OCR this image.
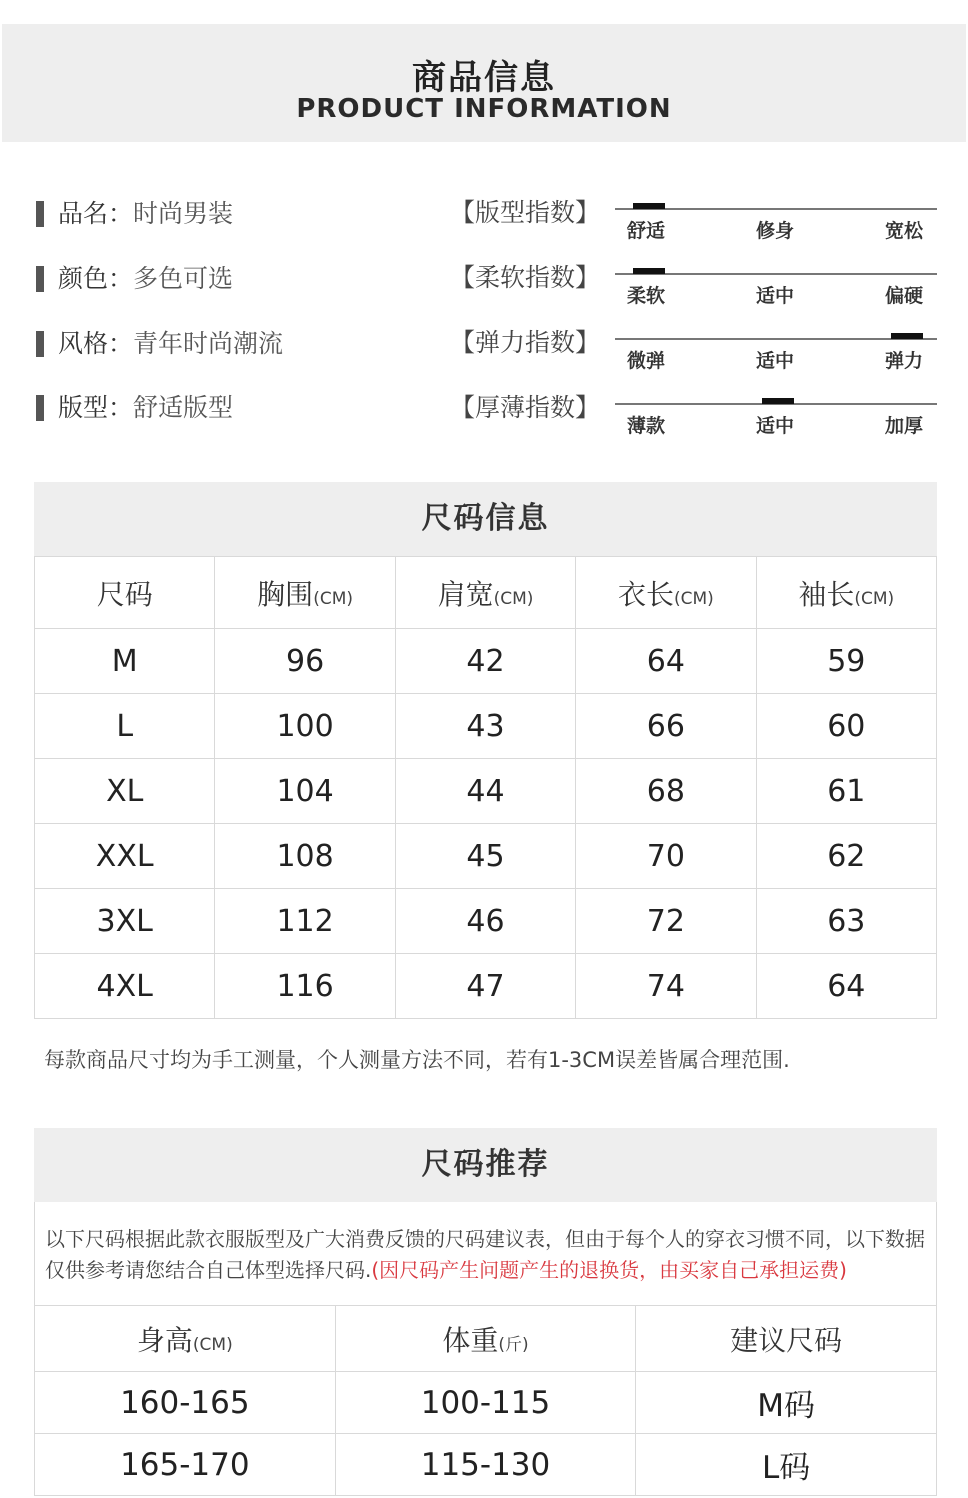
商品信息
PRODUCT INFORMATION
品名：时尚男装
颜色：多色可选
风格：青年时尚潮流
版型：舒适版型
【版型指数】
【柔软指数】
【弹力指数】
【厚薄指数】
舒适	修身	宽松
柔软	适中	偏硬
微弹	适中	弹力
薄款	适中	加厚
尺码信息
尺码	胸围(CM)	肩宽(CM)	衣长(CM)	袖长(CM)
M	96	42	64	59
L	100	43	66	60
XL	104	44	68	61
XXL	108	45	70	62
3XL	112	46	72	63
4XL	116	47	74	64
每款商品尺寸均为手工测量，个人测量方法不同，若有1-3CM误差皆属合理范围.
尺码推荐
以下尺码根据此款衣服版型及广大消费反馈的尺码建议表，但由于每个人的穿衣习惯不同，以下数据仅供参考请您结合自己体型选择尺码.(因尺码产生问题产生的退换货，由买家自己承担运费)
身高(CM)	体重(斤)	建议尺码
160-165	100-115	M码
165-170	115-130	L码
